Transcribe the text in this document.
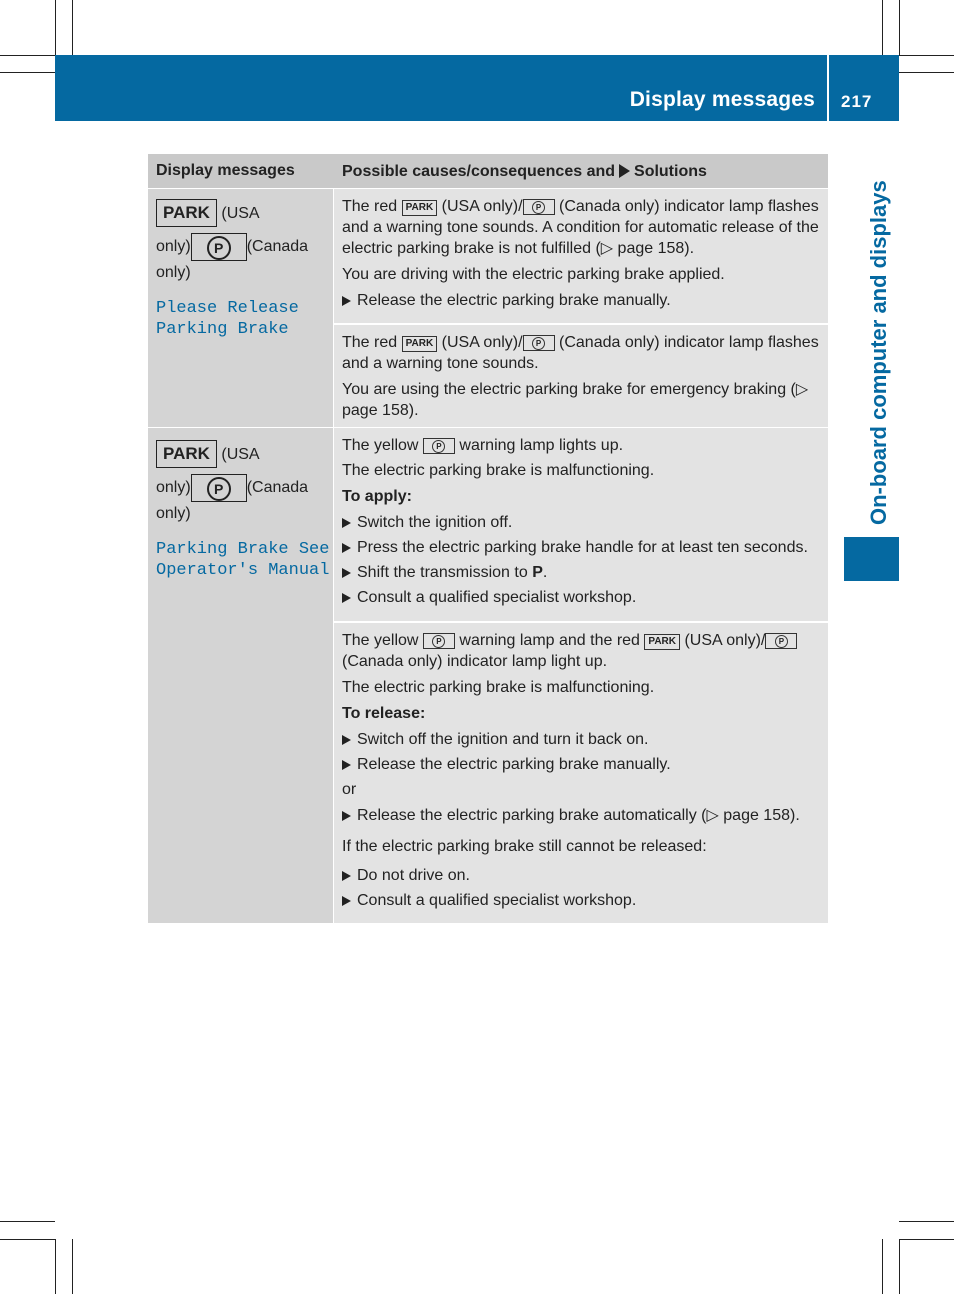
Display messages 217
On-board computer and displays
Display messages	Possible causes/consequences and Solutions
PARK (USA
only) P (Canada
only)
Please Release
Parking Brake
PARK (USA
only) P (Canada
only)
Parking Brake See
Operator's Manual

The red PARK (USA only)/ P (Canada only) indicator lamp flashes and a warning tone sounds. A condition for automatic release of the electric parking brake is not fulfilled (▷ page 158).

You are driving with the electric parking brake applied.

Release the electric parking brake manually.

The red PARK (USA only)/ P (Canada only) indicator lamp flashes and a warning tone sounds.

You are using the electric parking brake for emergency braking (▷ page 158).

The yellow P warning lamp lights up.

The electric parking brake is malfunctioning.

To apply:

Switch the ignition off.
Press the electric parking brake handle for at least ten seconds.
Shift the transmission to P.
Consult a qualified specialist workshop.

The yellow P warning lamp and the red PARK (USA only)/ P (Canada only) indicator lamp light up.

The electric parking brake is malfunctioning.

To release:

Switch off the ignition and turn it back on.
Release the electric parking brake manually.

or

Release the electric parking brake automatically (▷ page 158).

If the electric parking brake still cannot be released:

Do not drive on.
Consult a qualified specialist workshop.
